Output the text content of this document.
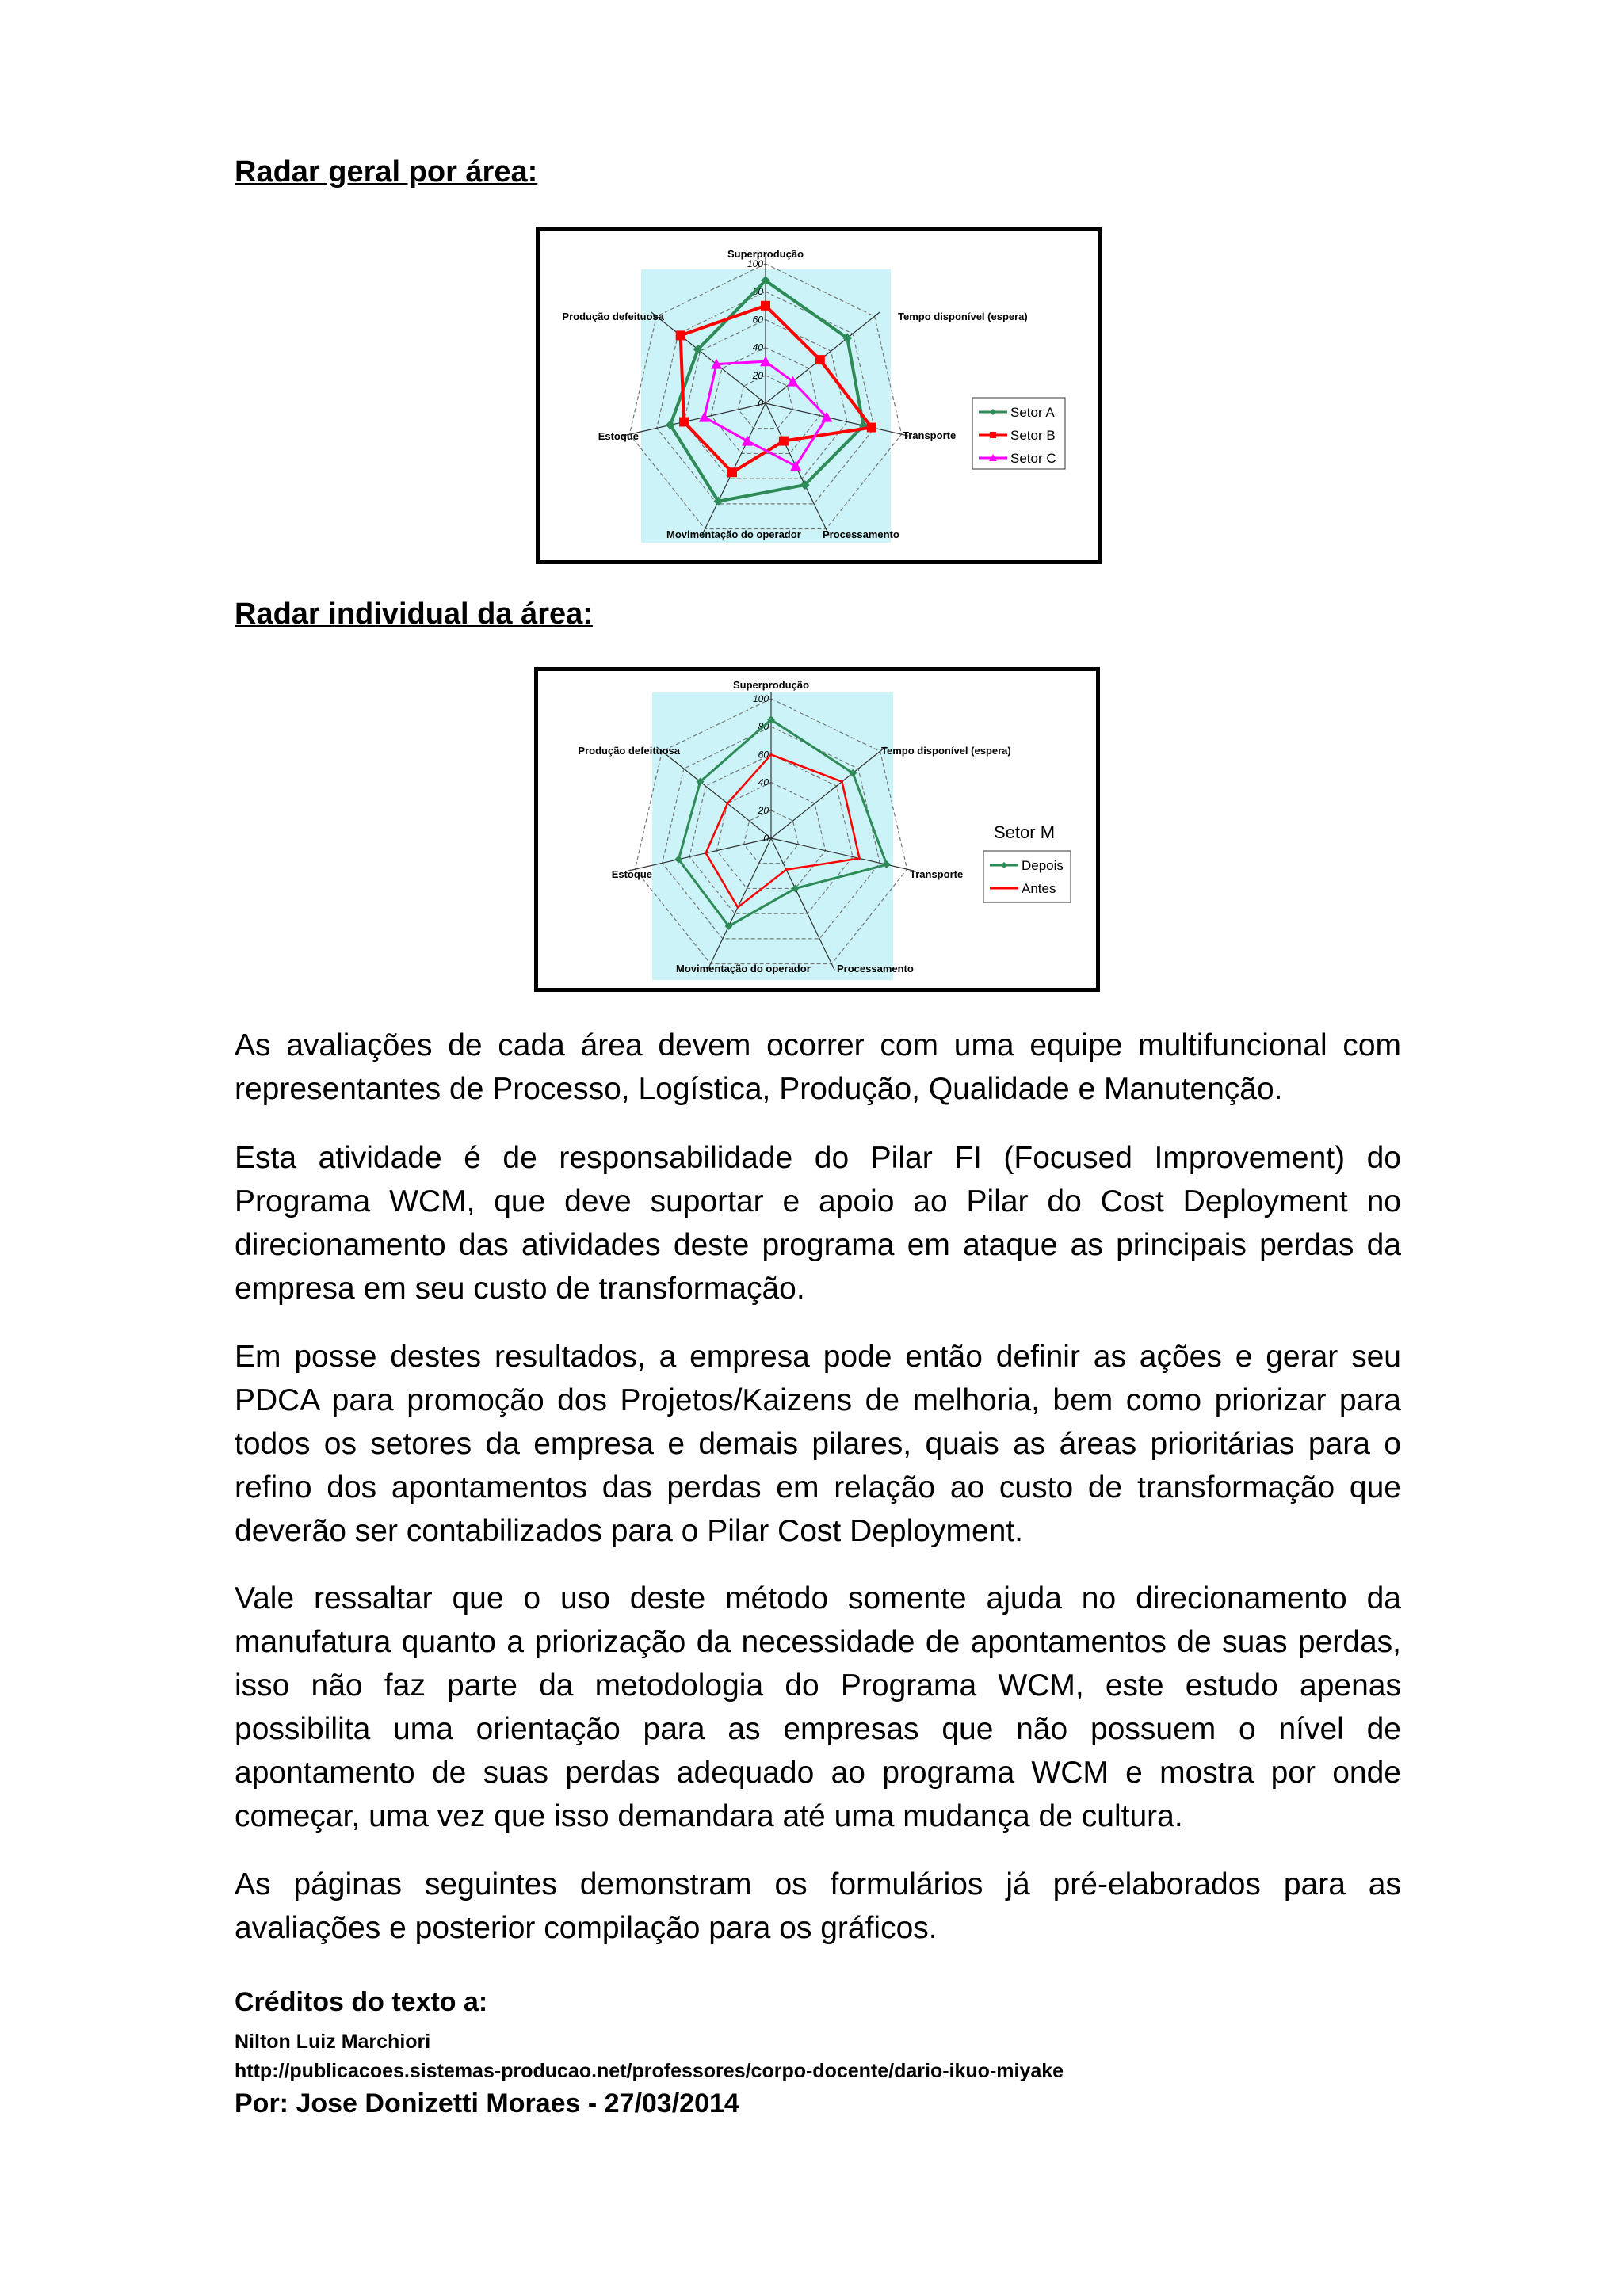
Radar geral por área:
0
20
40
60
80
100
Superprodução
Tempo disponível (espera)
Transporte
Processamento
Movimentação do operador
Estoque
Produção defeituosa
Setor A
Setor B
Setor C
Radar individual da área:
0
20
40
60
80
100
Superprodução
Tempo disponível (espera)
Transporte
Processamento
Movimentação do operador
Estoque
Produção defeituosa
Setor M
Depois
Antes

As avaliações de cada área devem ocorrer com uma equipe multifuncional com representantes de Processo, Logística, Produção, Qualidade e Manutenção.

Esta atividade é de responsabilidade do Pilar FI (Focused Improvement) do Programa WCM, que deve suportar e apoio ao Pilar do Cost Deployment no direcionamento das atividades deste programa em ataque as principais perdas da empresa em seu custo de transformação.

Em posse destes resultados, a empresa pode então definir as ações e gerar seu PDCA para promoção dos Projetos/Kaizens de melhoria, bem como priorizar para todos os setores da empresa e demais pilares, quais as áreas prioritárias para o refino dos apontamentos das perdas em relação ao custo de transformação que deverão ser contabilizados para o Pilar Cost Deployment.

Vale ressaltar que o uso deste método somente ajuda no direcionamento da manufatura quanto a priorização da necessidade de apontamentos de suas perdas, isso não faz parte da metodologia do Programa WCM, este estudo apenas possibilita uma orientação para as empresas que não possuem o nível de apontamento de suas perdas adequado ao programa WCM e mostra por onde começar, uma vez que isso demandara até uma mudança de cultura.

As páginas seguintes demonstram os formulários já pré-elaborados para as avaliações e posterior compilação para os gráficos.

Créditos do texto a:

Nilton Luiz Marchiori

http://publicacoes.sistemas-producao.net/professores/corpo-docente/dario-ikuo-miyake

Por: Jose Donizetti Moraes - 27/03/2014
